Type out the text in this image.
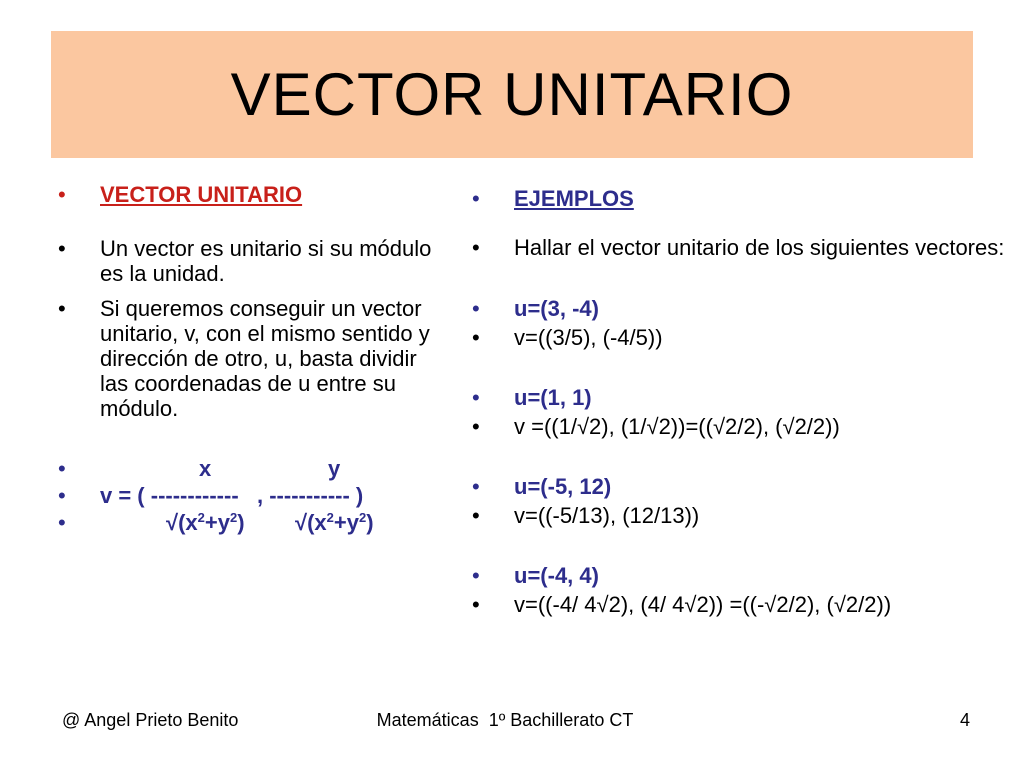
VECTOR UNITARIO
•	VECTOR UNITARIO
•	Un vector es unitario si su módulo es la unidad.
•	Si queremos conseguir un vector unitario, v, con el mismo sentido y dirección de otro, u, basta dividir las coordenadas de u entre su módulo.
•	x	y
•	v = ( ------------   , ----------- )
•	$√(x^2+y^2)$ $√(x^2+y^2)$
•	EJEMPLOS
•	Hallar el vector unitario de los siguientes vectores:
•	u=(3, -4)
•	v=((3/5), (-4/5))
•	u=(1, 1)
•	v =((1/√2), (1/√2))=((√2/2), (√2/2))
•	u=(-5, 12)
•	v=((-5/13), (12/13))
•	u=(-4, 4)
•	v=((-4/ 4√2), (4/ 4√2)) =((-√2/2), (√2/2))
@ Angel Prieto Benito	Matemáticas  1º Bachillerato CT	4
